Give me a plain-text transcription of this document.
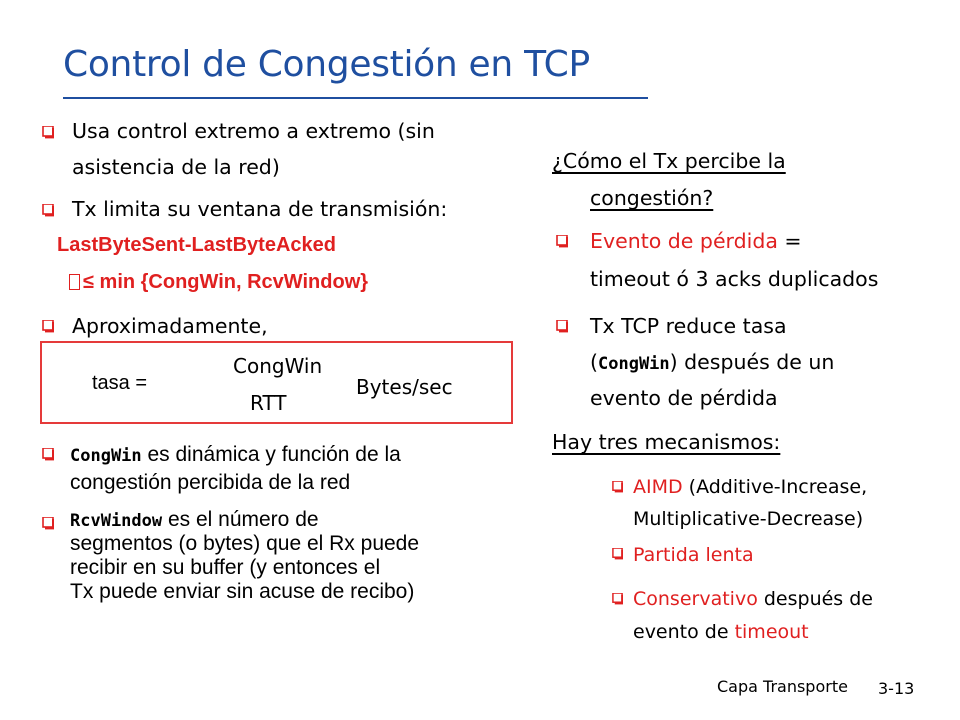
Control de Congestión en TCP
Usa control extremo a extremo (sin
asistencia de la red)
Tx limita su ventana de transmisión:
LastByteSent-LastByteAcked
≤ min {CongWin, RcvWindow}
Aproximadamente,
tasa =
CongWin
RTT
Bytes/sec
CongWin es dinámica y función de la
congestión percibida de la red
RcvWindow es el número de
segmentos (o bytes) que el Rx puede
recibir en su buffer (y entonces el
Tx puede enviar sin acuse de recibo)
¿Cómo el Tx percibe la
congestión?
Evento de pérdida =
timeout ó 3 acks duplicados
Tx TCP reduce tasa
(CongWin) después de un
evento de pérdida
Hay tres mecanismos:
AIMD (Additive-Increase,
Multiplicative-Decrease)
Partida lenta
Conservativo después de
evento de timeout
Capa Transporte 3-13
